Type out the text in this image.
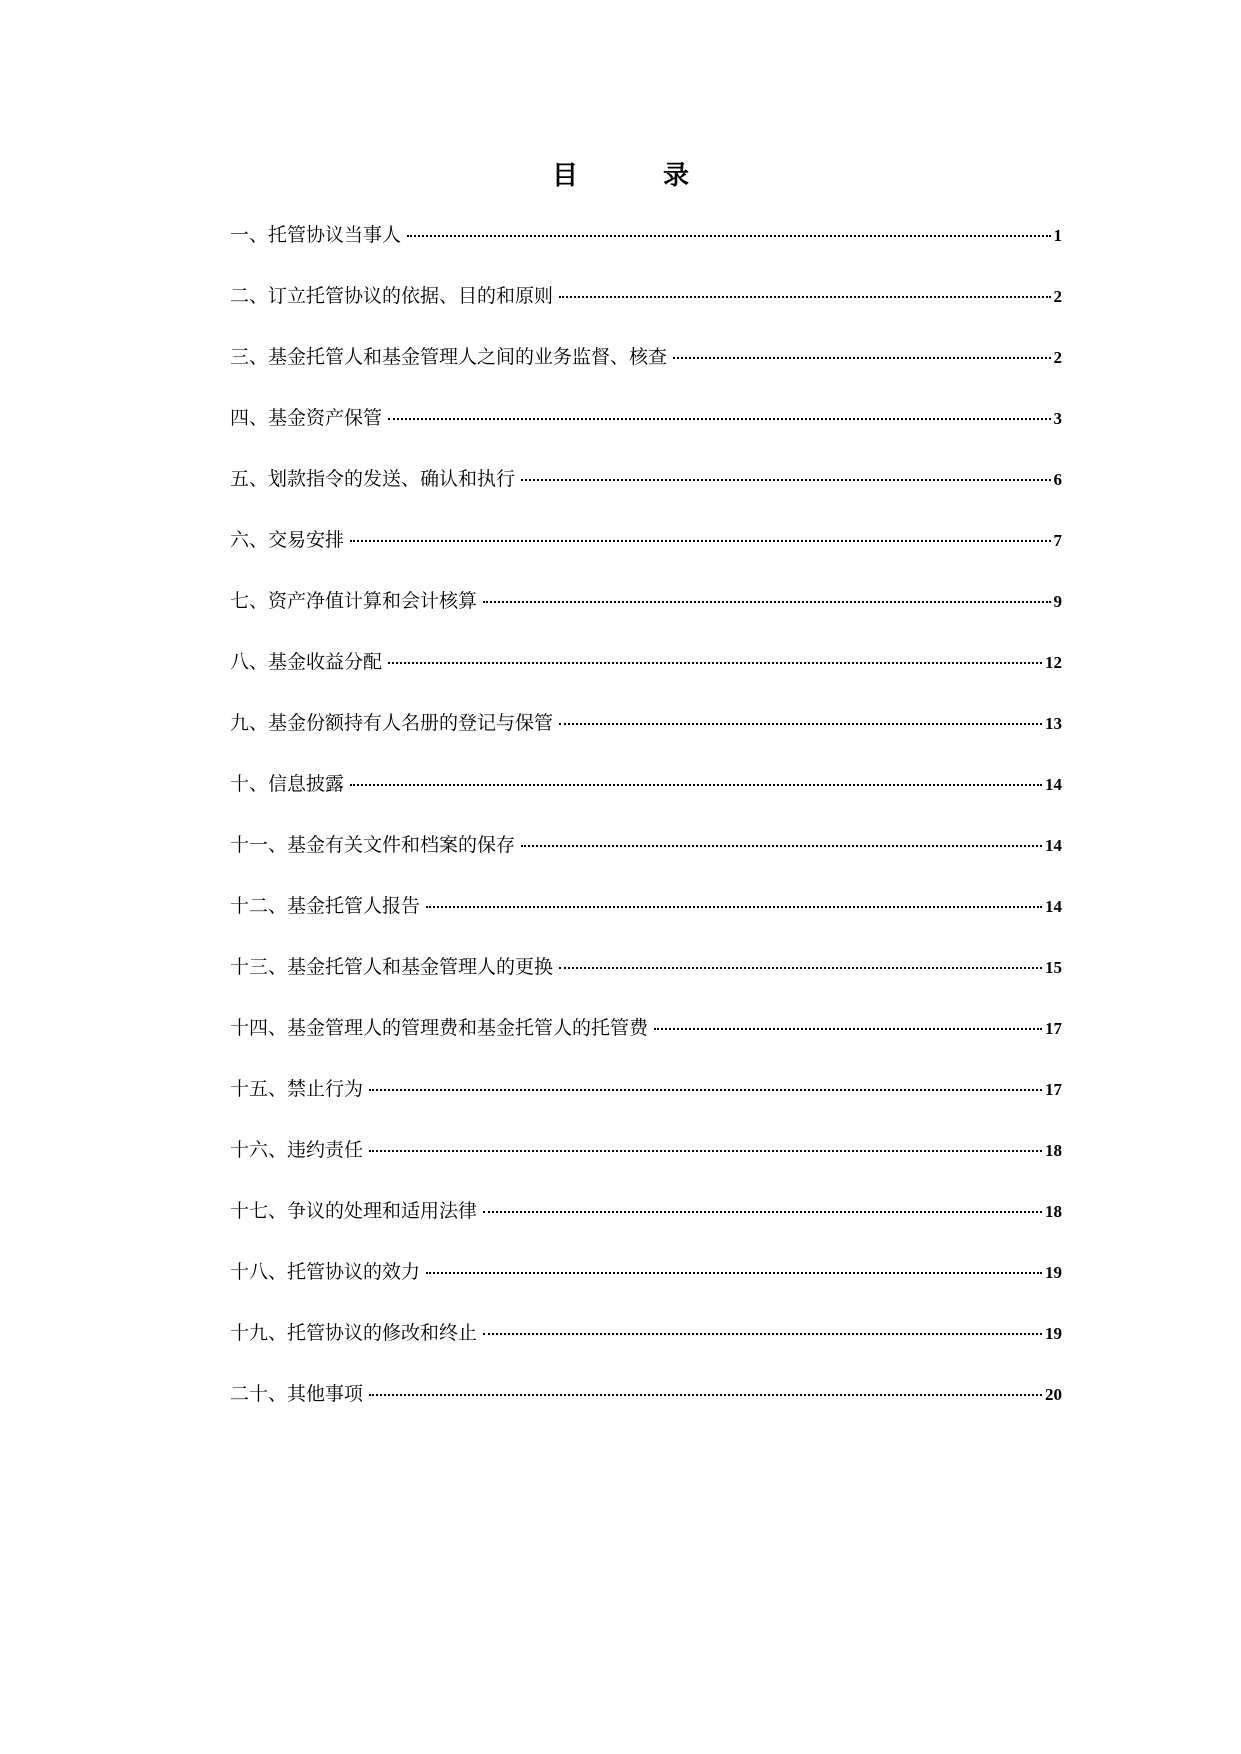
目 录
一、托管协议当事人	1
二、订立托管协议的依据、目的和原则	2
三、基金托管人和基金管理人之间的业务监督、核查	2
四、基金资产保管	3
五、划款指令的发送、确认和执行	6
六、交易安排	7
七、资产净值计算和会计核算	9
八、基金收益分配	12
九、基金份额持有人名册的登记与保管	13
十、信息披露	14
十一、基金有关文件和档案的保存	14
十二、基金托管人报告	14
十三、基金托管人和基金管理人的更换	15
十四、基金管理人的管理费和基金托管人的托管费	17
十五、禁止行为	17
十六、违约责任	18
十七、争议的处理和适用法律	18
十八、托管协议的效力	19
十九、托管协议的修改和终止	19
二十、其他事项	20
